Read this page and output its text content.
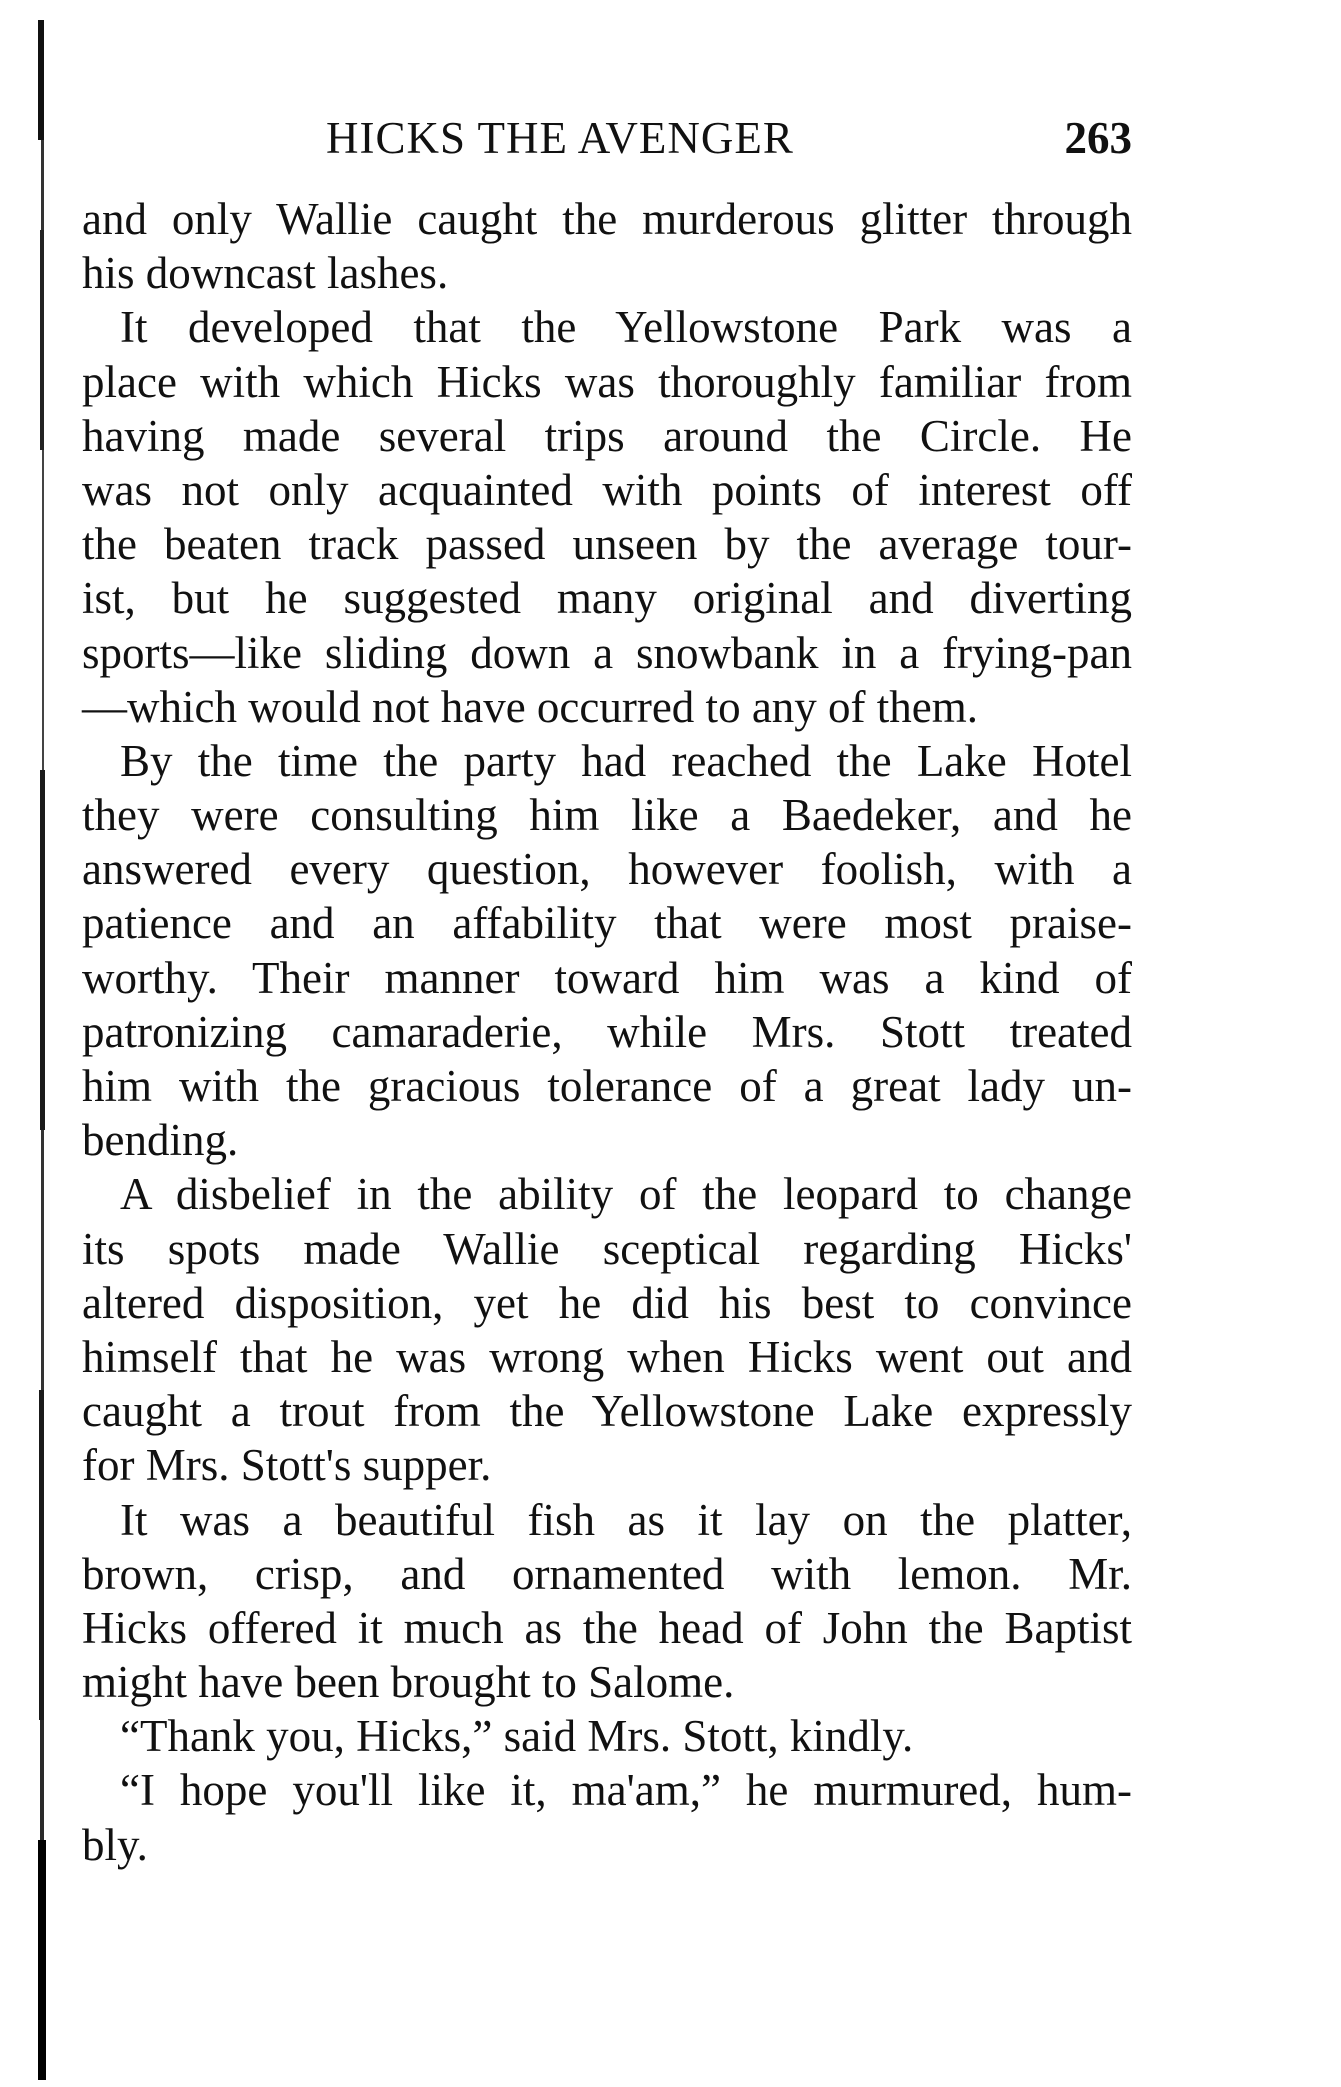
HICKS THE AVENGER	263
and only Wallie caught the murderous glitter through
his downcast lashes.
It developed that the Yellowstone Park was a
place with which Hicks was thoroughly familiar from
having made several trips around the Circle. He
was not only acquainted with points of interest off
the beaten track passed unseen by the average tour-
ist, but he suggested many original and diverting
sports—like sliding down a snowbank in a frying-pan
—which would not have occurred to any of them.
By the time the party had reached the Lake Hotel
they were consulting him like a Baedeker, and he
answered every question, however foolish, with a
patience and an affability that were most praise-
worthy. Their manner toward him was a kind of
patronizing camaraderie, while Mrs. Stott treated
him with the gracious tolerance of a great lady un-
bending.
A disbelief in the ability of the leopard to change
its spots made Wallie sceptical regarding Hicks'
altered disposition, yet he did his best to convince
himself that he was wrong when Hicks went out and
caught a trout from the Yellowstone Lake expressly
for Mrs. Stott's supper.
It was a beautiful fish as it lay on the platter,
brown, crisp, and ornamented with lemon. Mr.
Hicks offered it much as the head of John the Baptist
might have been brought to Salome.
“Thank you, Hicks,” said Mrs. Stott, kindly.
“I hope you'll like it, ma'am,” he murmured, hum-
bly.
